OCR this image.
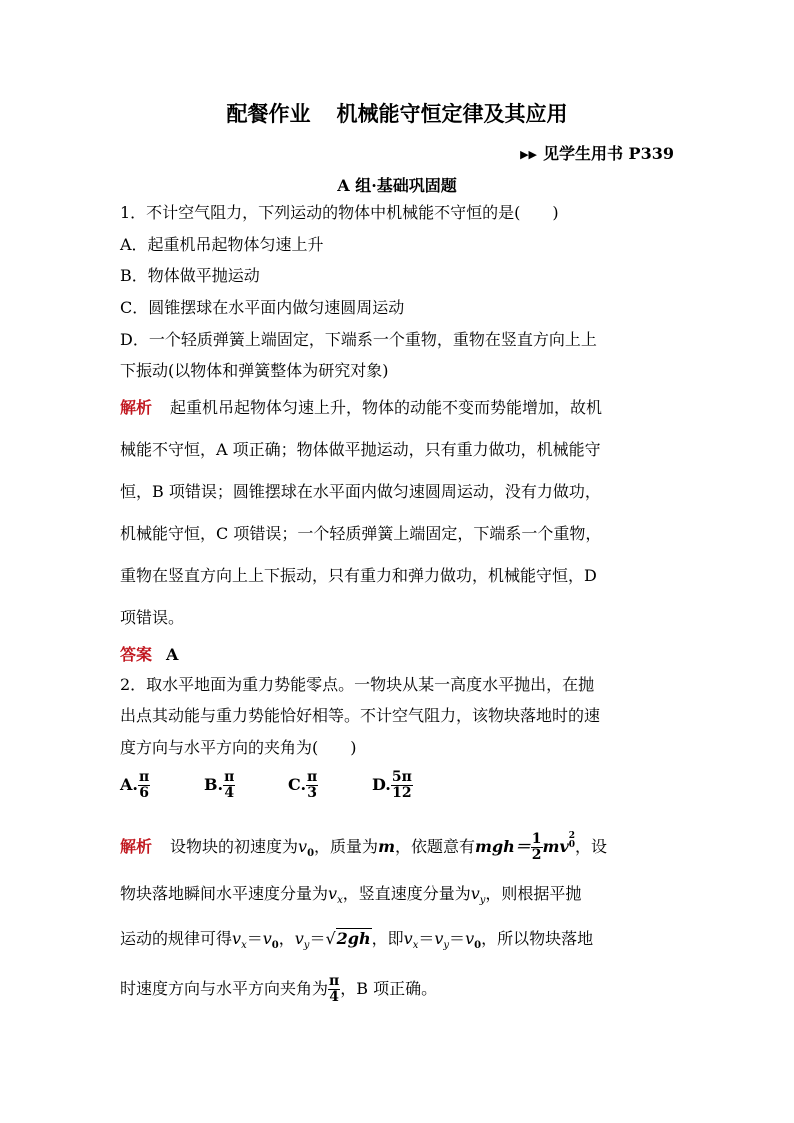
配餐作业 机械能守恒定律及其应用
▶▶ 见学生用书 P339
A 组·基础巩固题
1．不计空气阻力，下列运动的物体中机械能不守恒的是(　　)
A．起重机吊起物体匀速上升
B．物体做平抛运动
C．圆锥摆球在水平面内做匀速圆周运动
D．一个轻质弹簧上端固定，下端系一个重物，重物在竖直方向上上
下振动(以物体和弹簧整体为研究对象)
解析 起重机吊起物体匀速上升，物体的动能不变而势能增加，故机
械能不守恒，A 项正确；物体做平抛运动，只有重力做功，机械能守
恒，B 项错误；圆锥摆球在水平面内做匀速圆周运动，没有力做功，
机械能守恒，C 项错误；一个轻质弹簧上端固定，下端系一个重物，
重物在竖直方向上上下振动，只有重力和弹力做功，机械能守恒，D
项错误。
答案 A
2．取水平地面为重力势能零点。一物块从某一高度水平抛出，在抛
出点其动能与重力势能恰好相等。不计空气阻力，该物块落地时的速
度方向与水平方向的夹角为(　　)
A. $\frac{\pi}{6}$	B. $\frac{\pi}{4}$	C. $\frac{\pi}{3}$	D. $\frac{5\pi}{12}$
解析 设物块的初速度为$v_0$，质量为m，依题意有$mgh= \frac{1}{2}$ mv
2
0 ，设
物块落地瞬间水平速度分量为$v_x$，竖直速度分量为$v_y$，则根据平抛
运动的规律可得$v_x=v_0$，$v_y=√2gh$，即$v_x=v_y=v_0$，所以物块落地
时速度方向与水平方向夹角为 $\frac{\pi}{4}$ ，B 项正确。
